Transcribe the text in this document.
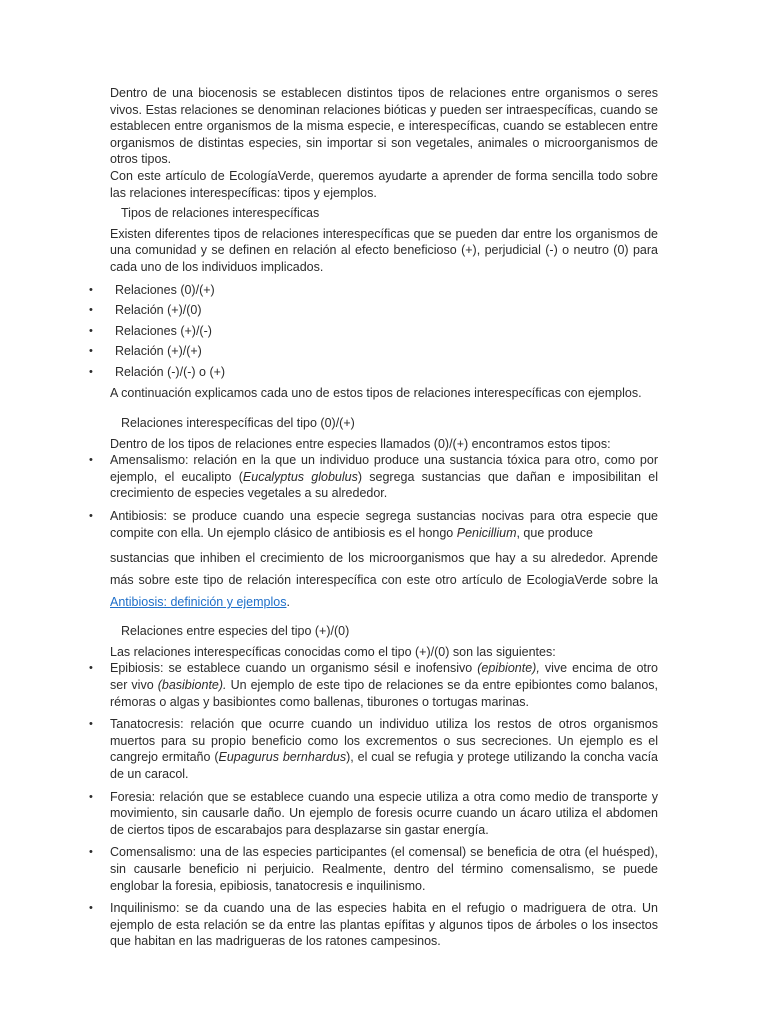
Dentro de una biocenosis se establecen distintos tipos de relaciones entre organismos o seres vivos. Estas relaciones se denominan relaciones bióticas y pueden ser intraespecíficas, cuando se establecen entre organismos de la misma especie, e interespecíficas, cuando se establecen entre organismos de distintas especies, sin importar si son vegetales, animales o microorganismos de otros tipos.

Con este artículo de EcologíaVerde, queremos ayudarte a aprender de forma sencilla todo sobre las relaciones interespecíficas: tipos y ejemplos.

Tipos de relaciones interespecíficas

Existen diferentes tipos de relaciones interespecíficas que se pueden dar entre los organismos de una comunidad y se definen en relación al efecto beneficioso (+), perjudicial (-) o neutro (0) para cada uno de los individuos implicados.

• Relaciones (0)/(+)
• Relación (+)/(0)
• Relaciones (+)/(-)
• Relación (+)/(+)
• Relación (-)/(-) o (+)

A continuación explicamos cada uno de estos tipos de relaciones interespecíficas con ejemplos.

Relaciones interespecíficas del tipo (0)/(+)

Dentro de los tipos de relaciones entre especies llamados (0)/(+) encontramos estos tipos:

• Amensalismo: relación en la que un individuo produce una sustancia tóxica para otro, como por ejemplo, el eucalipto (Eucalyptus globulus) segrega sustancias que dañan e imposibilitan el crecimiento de especies vegetales a su alrededor.
• Antibiosis: se produce cuando una especie segrega sustancias nocivas para otra especie que compite con ella. Un ejemplo clásico de antibiosis es el hongo Penicillium, que produce
sustancias que inhiben el crecimiento de los microorganismos que hay a su alrededor. Aprende más sobre este tipo de relación interespecífica con este otro artículo de EcologiaVerde sobre la Antibiosis: definición y ejemplos.

Relaciones entre especies del tipo (+)/(0)

Las relaciones interespecíficas conocidas como el tipo (+)/(0) son las siguientes:

• Epibiosis: se establece cuando un organismo sésil e inofensivo (epibionte), vive encima de otro ser vivo (basibionte). Un ejemplo de este tipo de relaciones se da entre epibiontes como balanos, rémoras o algas y basibiontes como ballenas, tiburones o tortugas marinas.
• Tanatocresis: relación que ocurre cuando un individuo utiliza los restos de otros organismos muertos para su propio beneficio como los excrementos o sus secreciones. Un ejemplo es el cangrejo ermitaño (Eupagurus bernhardus), el cual se refugia y protege utilizando la concha vacía de un caracol.
• Foresia: relación que se establece cuando una especie utiliza a otra como medio de transporte y movimiento, sin causarle daño. Un ejemplo de foresis ocurre cuando un ácaro utiliza el abdomen de ciertos tipos de escarabajos para desplazarse sin gastar energía.
• Comensalismo: una de las especies participantes (el comensal) se beneficia de otra (el huésped), sin causarle beneficio ni perjuicio. Realmente, dentro del término comensalismo, se puede englobar la foresia, epibiosis, tanatocresis e inquilinismo.
• Inquilinismo: se da cuando una de las especies habita en el refugio o madriguera de otra. Un ejemplo de esta relación se da entre las plantas epífitas y algunos tipos de árboles o los insectos que habitan en las madrigueras de los ratones campesinos.
